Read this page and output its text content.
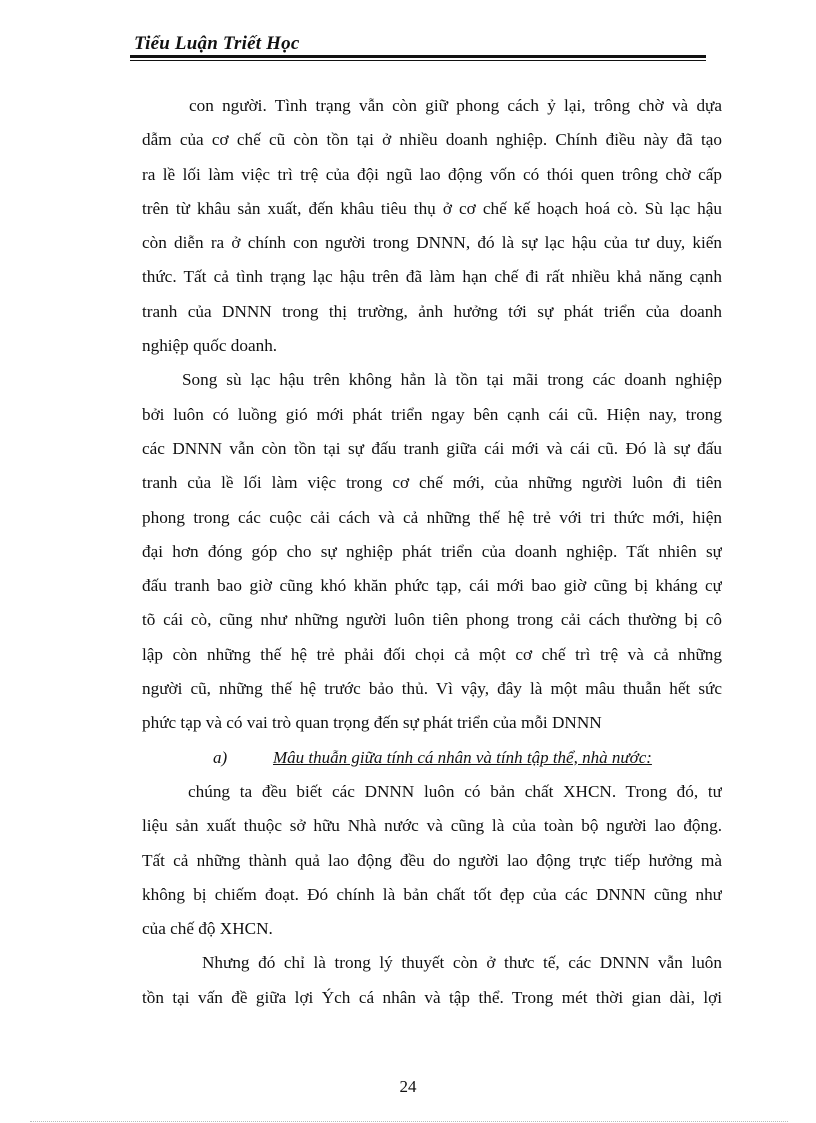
Tiểu Luận Triết Học
con người. Tình trạng vẫn còn giữ phong cách ỷ lại, trông chờ và dựa
dẫm của cơ chế cũ còn tồn tại ở nhiều doanh nghiệp. Chính điều này đã tạo
ra lề lối làm việc trì trệ của đội ngũ lao động vốn có thói quen trông chờ cấp
trên từ khâu sản xuất, đến khâu tiêu thụ ở cơ chế kế hoạch hoá cò. Sù lạc hậu
còn diễn ra ở chính con người trong DNNN, đó là sự lạc hậu của tư duy, kiến
thức. Tất cả tình trạng lạc hậu trên đã làm hạn chế đi rất nhiều khả năng cạnh
tranh của DNNN trong thị trường, ảnh hưởng tới sự phát triển của doanh
nghiệp quốc doanh.
Song sù lạc hậu trên không hẳn là tồn tại mãi trong các doanh nghiệp
bởi luôn có luồng gió mới phát triển ngay bên cạnh cái cũ. Hiện nay, trong
các DNNN vẫn còn tồn tại sự đấu tranh giữa cái mới và cái cũ. Đó là sự đấu
tranh của lề lối làm việc trong cơ chế mới, của những người luôn đi tiên
phong trong các cuộc cải cách và cả những thế hệ trẻ với tri thức mới, hiện
đại hơn đóng góp cho sự nghiệp phát triển của doanh nghiệp. Tất nhiên sự
đấu tranh bao giờ cũng khó khăn phức tạp, cái mới bao giờ cũng bị kháng cự
tõ cái cò, cũng như những người luôn tiên phong trong cải cách thường bị cô
lập còn những thế hệ trẻ phải đối chọi cả một cơ chế trì trệ và cả những
người cũ, những thế hệ trước bảo thủ. Vì vậy, đây là một mâu thuẫn hết sức
phức tạp và có vai trò quan trọng đến sự phát triển của mỗi DNNN
a)	Mâu thuẫn giữa tính cá nhân và tính tập thể, nhà nước:
chúng ta đều biết các DNNN luôn có bản chất XHCN. Trong đó, tư
liệu sản xuất thuộc sở hữu Nhà nước và cũng là của toàn bộ người lao động.
Tất cả những thành quả lao động đều do người lao động trực tiếp hưởng mà
không bị chiếm đoạt. Đó chính là bản chất tốt đẹp của các DNNN cũng như
của chế độ XHCN.
Nhưng đó chỉ là trong lý thuyết còn ở thưc tế, các DNNN vẫn luôn
tồn tại vấn đề giữa lợi Ých cá nhân và tập thể. Trong mét thời gian dài, lợi
24
